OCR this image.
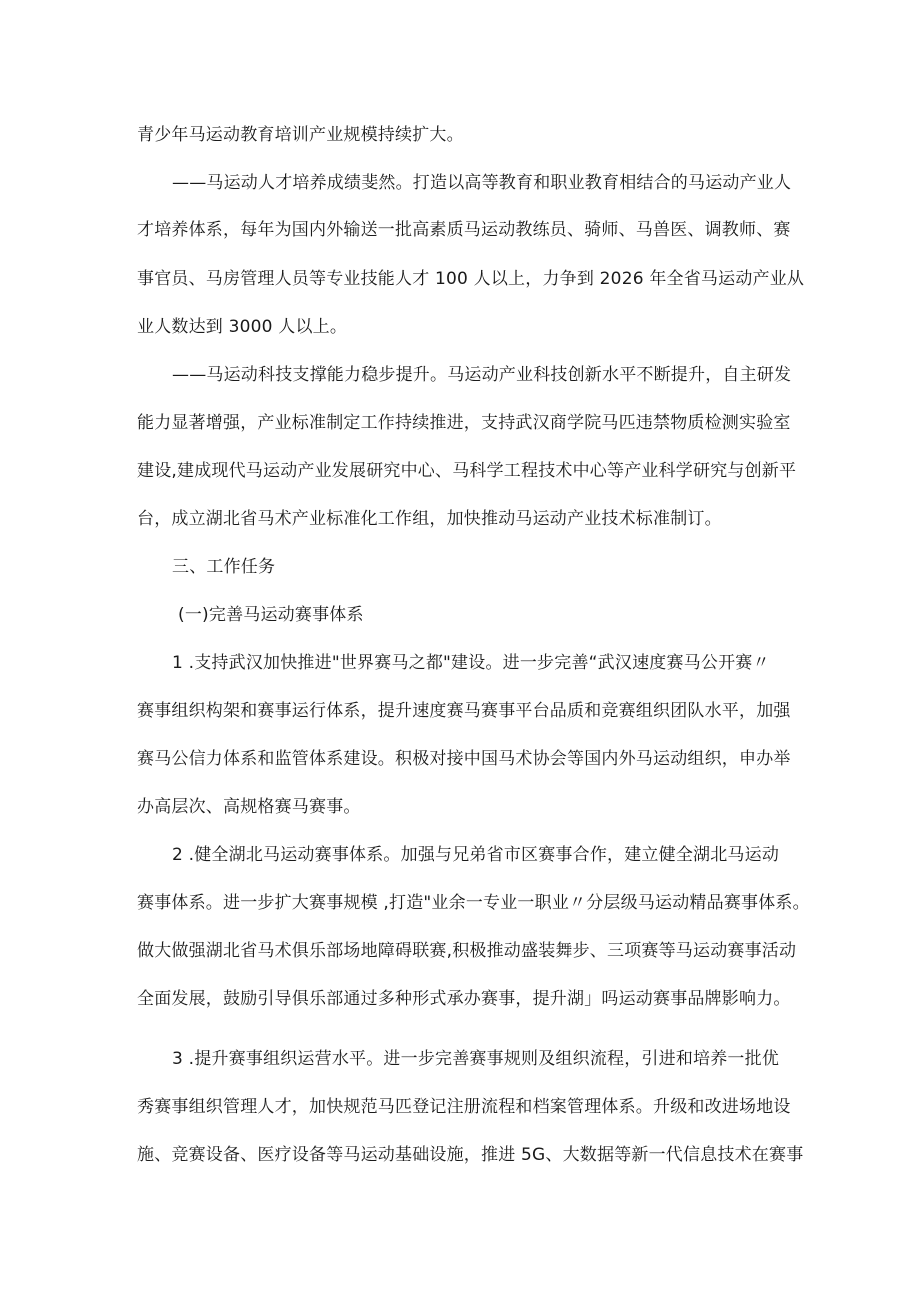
青少年马运动教育培训产业规模持续扩大。

——马运动人才培养成绩斐然。打造以高等教育和职业教育相结合的马运动产业人

才培养体系，每年为国内外输送一批高素质马运动教练员、骑师、马兽医、调教师、赛

事官员、马房管理人员等专业技能人才 100 人以上，力争到 2026 年全省马运动产业从

业人数达到 3000 人以上。

——马运动科技支撑能力稳步提升。马运动产业科技创新水平不断提升，自主研发

能力显著增强，产业标准制定工作持续推进，支持武汉商学院马匹违禁物质检测实验室

建设,建成现代马运动产业发展研究中心、马科学工程技术中心等产业科学研究与创新平

台，成立湖北省马术产业标准化工作组，加快推动马运动产业技术标准制订。

三、工作任务

(一)完善马运动赛事体系

1 .支持武汉加快推进"世界赛马之都"建设。进一步完善“武汉速度赛马公开赛〃

赛事组织构架和赛事运行体系，提升速度赛马赛事平台品质和竞赛组织团队水平，加强

赛马公信力体系和监管体系建设。积极对接中国马术协会等国内外马运动组织，申办举

办高层次、高规格赛马赛事。

2 .健全湖北马运动赛事体系。加强与兄弟省市区赛事合作，建立健全湖北马运动

赛事体系。进一步扩大赛事规模 ,打造"业余一专业一职业〃分层级马运动精品赛事体系。

做大做强湖北省马术俱乐部场地障碍联赛,积极推动盛装舞步、三项赛等马运动赛事活动

全面发展，鼓励引导俱乐部通过多种形式承办赛事，提升湖」吗运动赛事品牌影响力。

3 .提升赛事组织运营水平。进一步完善赛事规则及组织流程，引进和培养一批优

秀赛事组织管理人才，加快规范马匹登记注册流程和档案管理体系。升级和改进场地设

施、竞赛设备、医疗设备等马运动基础设施，推进 5G、大数据等新一代信息技术在赛事
